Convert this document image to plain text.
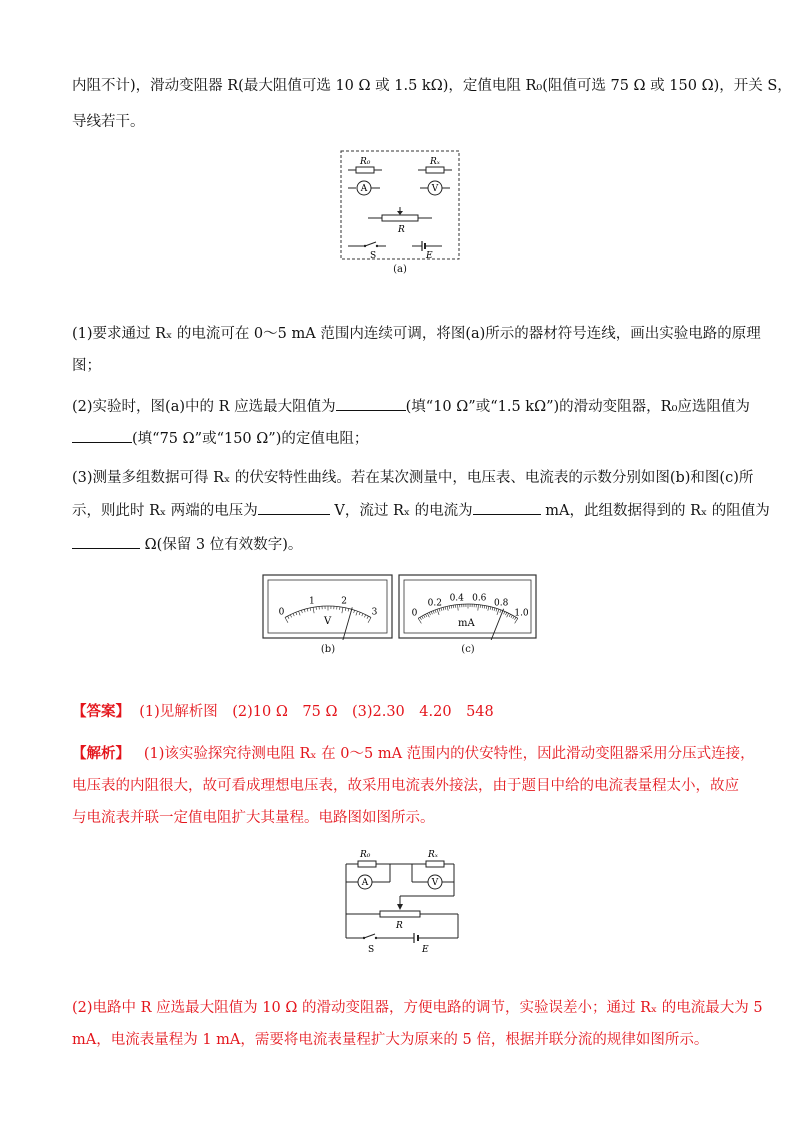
内阻不计)，滑动变阻器 R(最大阻值可选 10 Ω 或 1.5 kΩ)，定值电阻 R₀(阻值可选 75 Ω 或 150 Ω)，开关 S，
导线若干。
R₀	Rₓ
A	V
R
S	E
(a)
(1)要求通过 Rₓ 的电流可在 0～5 mA 范围内连续可调，将图(a)所示的器材符号连线，画出实验电路的原理
图；
(2)实验时，图(a)中的 R 应选最大阻值为	(填“10 Ω”或“1.5 kΩ”)的滑动变阻器，R₀应选阻值为
(填“75 Ω”或“150 Ω”)的定值电阻；
(3)测量多组数据可得 Rₓ 的伏安特性曲线。若在某次测量中，电压表、电流表的示数分别如图(b)和图(c)所
示，则此时 Rₓ 两端的电压为	V，流过 Rₓ 的电流为	mA，此组数据得到的 Rₓ 的阻值为
Ω(保留 3 位有效数字)。
0
1	2
3
V
(b)
0
0.2 0.4 0.6 0.8
1.0
mA
(c)
【答案】 (1)见解析图　(2)10 Ω　75 Ω　(3)2.30　4.20　548
【解析】 (1)该实验探究待测电阻 Rₓ 在 0～5 mA 范围内的伏安特性，因此滑动变阻器采用分压式连接，
电压表的内阻很大，故可看成理想电压表，故采用电流表外接法，由于题目中给的电流表量程太小，故应
与电流表并联一定值电阻扩大其量程。电路图如图所示。
R₀	Rₓ
A	V
R
S	E
(2)电路中 R 应选最大阻值为 10 Ω 的滑动变阻器，方便电路的调节，实验误差小；通过 Rₓ 的电流最大为 5
mA，电流表量程为 1 mA，需要将电流表量程扩大为原来的 5 倍，根据并联分流的规律如图所示。
